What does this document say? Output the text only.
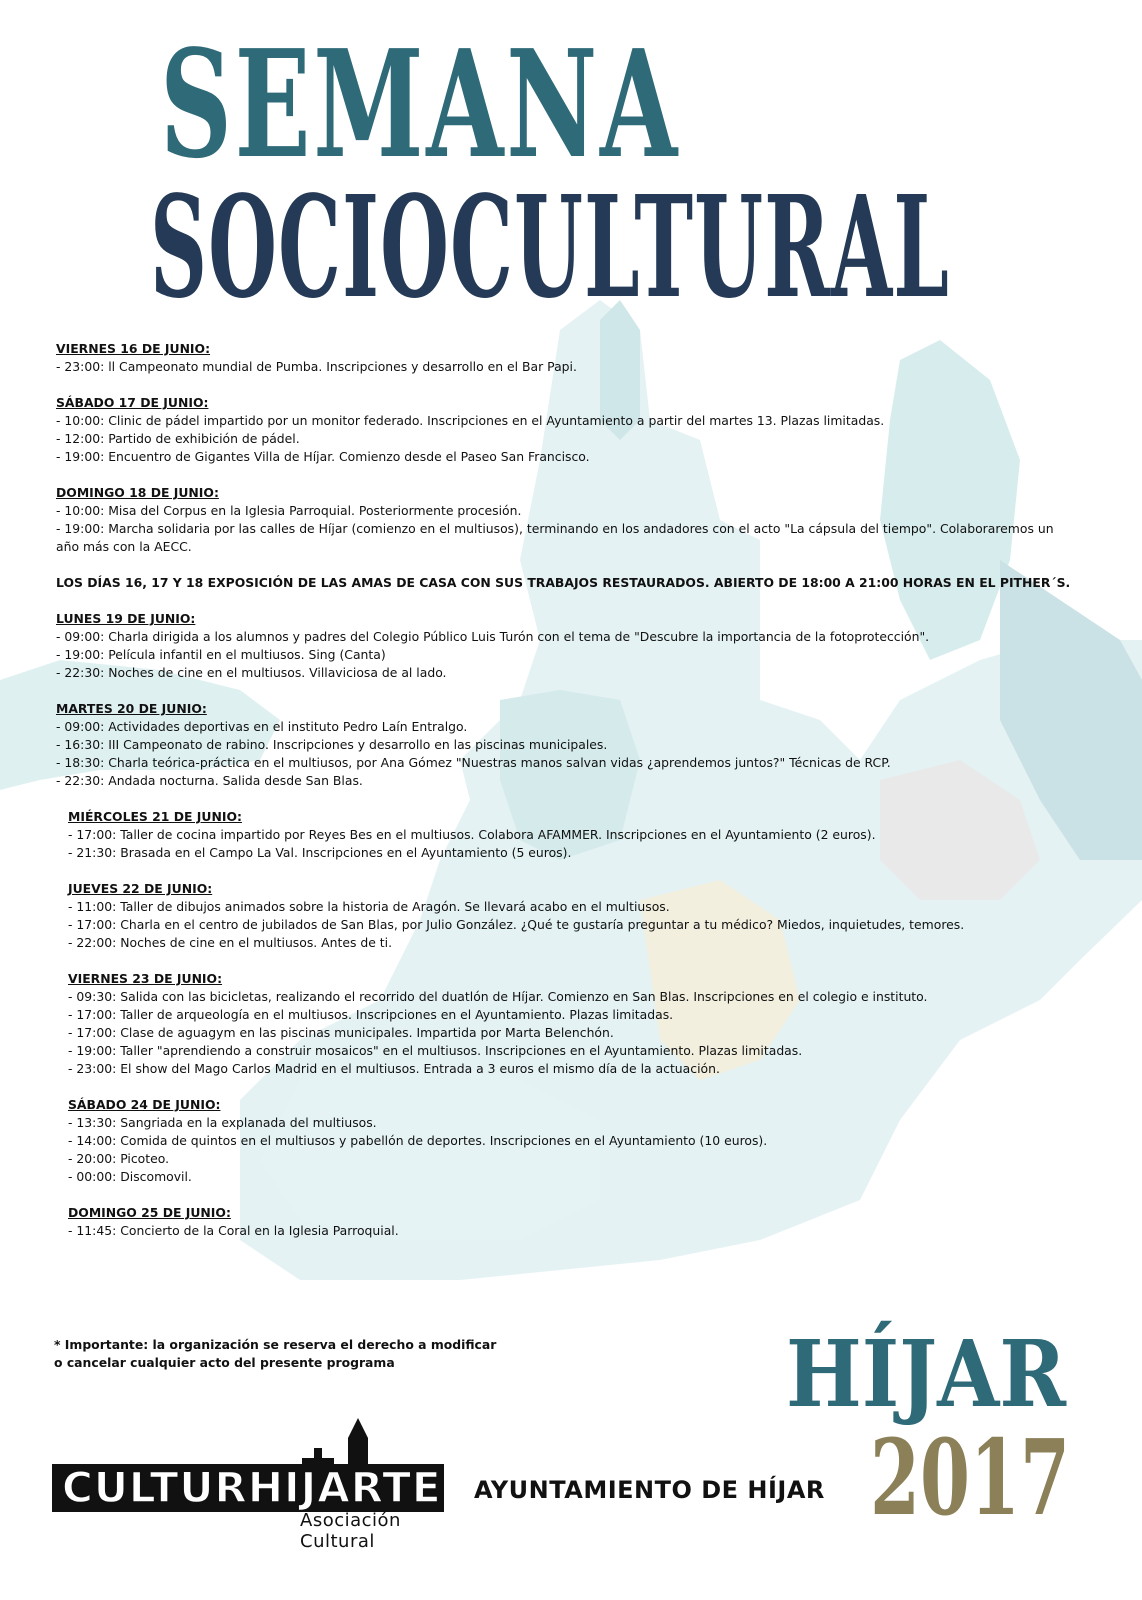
SEMANA
SOCIOCULTURAL
VIERNES 16 DE JUNIO:
- 23:00: ll Campeonato mundial de Pumba. Inscripciones y desarrollo en el Bar Papi.
SÁBADO 17 DE JUNIO:
- 10:00: Clinic de pádel impartido por un monitor federado. Inscripciones en el Ayuntamiento a partir del martes 13. Plazas limitadas.
- 12:00: Partido de exhibición de pádel.
- 19:00: Encuentro de Gigantes Villa de Híjar. Comienzo desde el Paseo San Francisco.
DOMINGO 18 DE JUNIO:
- 10:00: Misa del Corpus en la Iglesia Parroquial. Posteriormente procesión.
- 19:00: Marcha solidaria por las calles de Híjar (comienzo en el multiusos), terminando en los andadores con el acto "La cápsula del tiempo". Colaboraremos un año más con la AECC.
LOS DÍAS 16, 17 Y 18 EXPOSICIÓN DE LAS AMAS DE CASA CON SUS TRABAJOS RESTAURADOS. ABIERTO DE 18:00 A 21:00 HORAS EN EL PITHER´S.
LUNES 19 DE JUNIO:
- 09:00: Charla dirigida a los alumnos y padres del Colegio Público Luis Turón con el tema de "Descubre la importancia de la fotoprotección".
- 19:00: Película infantil en el multiusos. Sing (Canta)
- 22:30: Noches de cine en el multiusos. Villaviciosa de al lado.
MARTES 20 DE JUNIO:
- 09:00: Actividades deportivas en el instituto Pedro Laín Entralgo.
- 16:30: III Campeonato de rabino. Inscripciones y desarrollo en las piscinas municipales.
- 18:30: Charla teórica-práctica en el multiusos, por Ana Gómez "Nuestras manos salvan vidas ¿aprendemos juntos?" Técnicas de RCP.
- 22:30: Andada nocturna. Salida desde San Blas.
MIÉRCOLES 21 DE JUNIO:
- 17:00: Taller de cocina impartido por Reyes Bes en el multiusos. Colabora AFAMMER. Inscripciones en el Ayuntamiento (2 euros).
- 21:30: Brasada en el Campo La Val. Inscripciones en el Ayuntamiento (5 euros).
JUEVES 22 DE JUNIO:
- 11:00: Taller de dibujos animados sobre la historia de Aragón. Se llevará acabo en el multiusos.
- 17:00: Charla en el centro de jubilados de San Blas, por Julio González. ¿Qué te gustaría preguntar a tu médico? Miedos, inquietudes, temores.
- 22:00: Noches de cine en el multiusos. Antes de ti.
VIERNES 23 DE JUNIO:
- 09:30: Salida con las bicicletas, realizando el recorrido del duatlón de Híjar. Comienzo en San Blas. Inscripciones en el colegio e instituto.
- 17:00: Taller de arqueología en el multiusos. Inscripciones en el Ayuntamiento. Plazas limitadas.
- 17:00: Clase de aguagym en las piscinas municipales. Impartida por Marta Belenchón.
- 19:00: Taller "aprendiendo a construir mosaicos" en el multiusos. Inscripciones en el Ayuntamiento. Plazas limitadas.
- 23:00: El show del Mago Carlos Madrid en el multiusos. Entrada a 3 euros el mismo día de la actuación.
SÁBADO 24 DE JUNIO:
- 13:30: Sangriada en la explanada del multiusos.
- 14:00: Comida de quintos en el multiusos y pabellón de deportes. Inscripciones en el Ayuntamiento (10 euros).
- 20:00: Picoteo.
- 00:00: Discomovil.
DOMINGO 25 DE JUNIO:
- 11:45: Concierto de la Coral en la Iglesia Parroquial.
* Importante: la organización se reserva el derecho a modificar
o cancelar cualquier acto del presente programa
CULTURHIJARTE
Asociación Cultural
AYUNTAMIENTO DE HÍJAR
HÍJAR
2017
